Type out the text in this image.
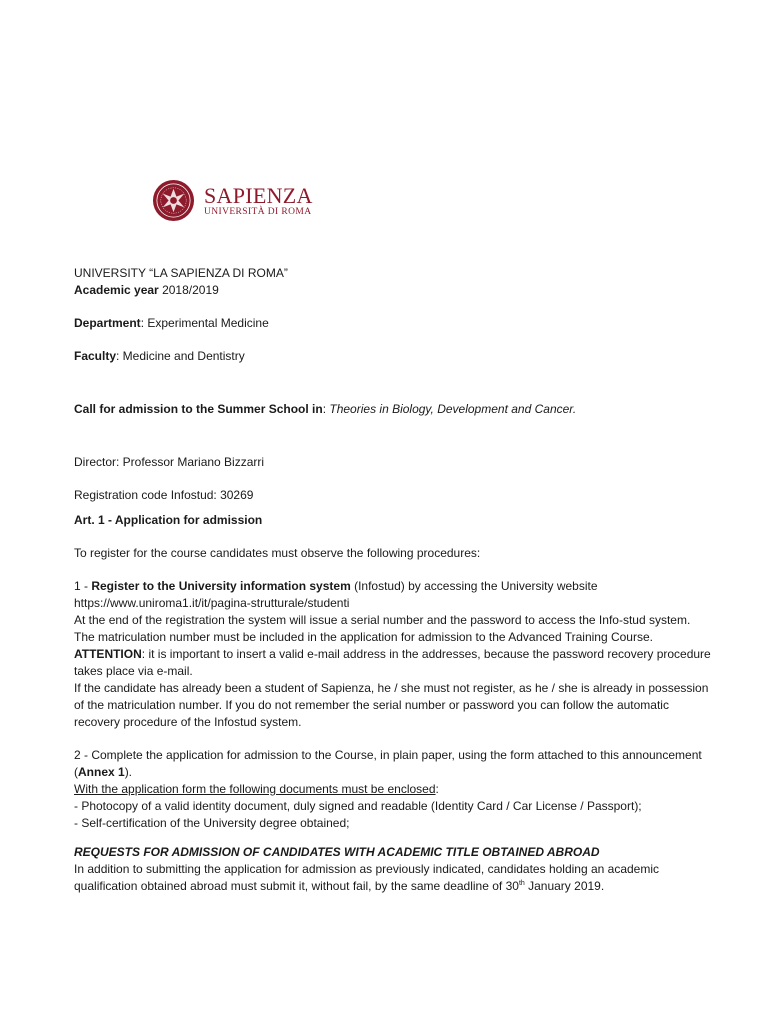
SAPIENZA

UNIVERSITÀ DI ROMA

UNIVERSITY “LA SAPIENZA DI ROMA”

Academic year 2018/2019

Department: Experimental Medicine

Faculty: Medicine and Dentistry

Call for admission to the Summer School in: Theories in Biology, Development and Cancer.

Director: Professor Mariano Bizzarri

Registration code Infostud: 30269

Art. 1 - Application for admission

To register for the course candidates must observe the following procedures:

1 - Register to the University information system (Infostud) by accessing the University website

https://www.uniroma1.it/it/pagina-strutturale/studenti

At the end of the registration the system will issue a serial number and the password to access the Info-stud system. The matriculation number must be included in the application for admission to the Advanced Training Course.

ATTENTION: it is important to insert a valid e-mail address in the addresses, because the password recovery procedure takes place via e-mail.

If the candidate has already been a student of Sapienza, he / she must not register, as he / she is already in possession of the matriculation number. If you do not remember the serial number or password you can follow the automatic recovery procedure of the Infostud system.

2 - Complete the application for admission to the Course, in plain paper, using the form attached to this announcement (Annex 1).

With the application form the following documents must be enclosed:

- Photocopy of a valid identity document, duly signed and readable (Identity Card / Car License / Passport);

- Self-certification of the University degree obtained;

REQUESTS FOR ADMISSION OF CANDIDATES WITH ACADEMIC TITLE OBTAINED ABROAD

In addition to submitting the application for admission as previously indicated, candidates holding an academic qualification obtained abroad must submit it, without fail, by the same deadline of 30th January 2019.
